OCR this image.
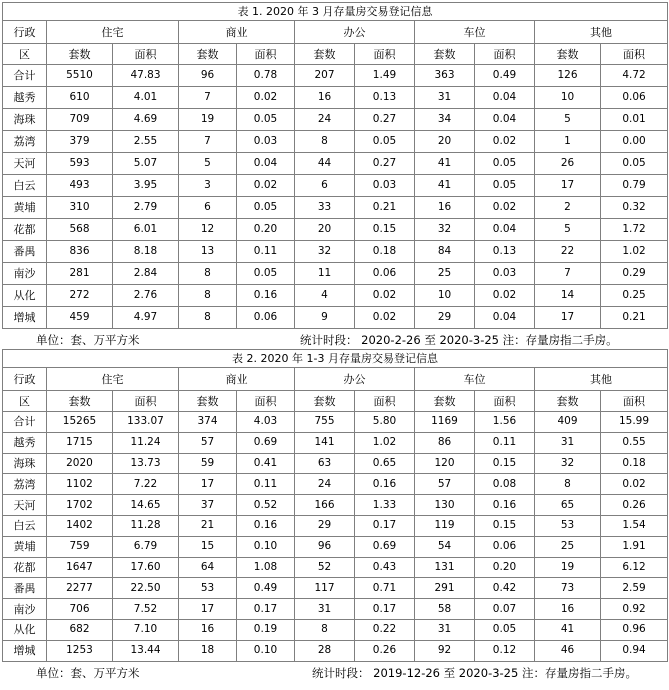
表 1. 2020 年 3 月存量房交易登记信息										
行政	住宅		商业		办公		车位		其他	
区	套数	面积	套数	面积	套数	面积	套数	面积	套数	面积
合计	5510	47.83	96	0.78	207	1.49	363	0.49	126	4.72
越秀	610	4.01	7	0.02	16	0.13	31	0.04	10	0.06
海珠	709	4.69	19	0.05	24	0.27	34	0.04	5	0.01
荔湾	379	2.55	7	0.03	8	0.05	20	0.02	1	0.00
天河	593	5.07	5	0.04	44	0.27	41	0.05	26	0.05
白云	493	3.95	3	0.02	6	0.03	41	0.05	17	0.79
黄埔	310	2.79	6	0.05	33	0.21	16	0.02	2	0.32
花都	568	6.01	12	0.20	20	0.15	32	0.04	5	1.72
番禺	836	8.18	13	0.11	32	0.18	84	0.13	22	1.02
南沙	281	2.84	8	0.05	11	0.06	25	0.03	7	0.29
从化	272	2.76	8	0.16	4	0.02	10	0.02	14	0.25
增城	459	4.97	8	0.06	9	0.02	29	0.04	17	0.21
单位：套、万平方米	统计时段： 2020-2-26 至 2020-3-25 注：存量房指二手房。
表 2. 2020 年 1-3 月存量房交易登记信息										
行政	住宅		商业		办公		车位		其他	
区	套数	面积	套数	面积	套数	面积	套数	面积	套数	面积
合计	15265	133.07	374	4.03	755	5.80	1169	1.56	409	15.99
越秀	1715	11.24	57	0.69	141	1.02	86	0.11	31	0.55
海珠	2020	13.73	59	0.41	63	0.65	120	0.15	32	0.18
荔湾	1102	7.22	17	0.11	24	0.16	57	0.08	8	0.02
天河	1702	14.65	37	0.52	166	1.33	130	0.16	65	0.26
白云	1402	11.28	21	0.16	29	0.17	119	0.15	53	1.54
黄埔	759	6.79	15	0.10	96	0.69	54	0.06	25	1.91
花都	1647	17.60	64	1.08	52	0.43	131	0.20	19	6.12
番禺	2277	22.50	53	0.49	117	0.71	291	0.42	73	2.59
南沙	706	7.52	17	0.17	31	0.17	58	0.07	16	0.92
从化	682	7.10	16	0.19	8	0.22	31	0.05	41	0.96
增城	1253	13.44	18	0.10	28	0.26	92	0.12	46	0.94
单位：套、万平方米	统计时段： 2019-12-26 至 2020-3-25 注：存量房指二手房。
